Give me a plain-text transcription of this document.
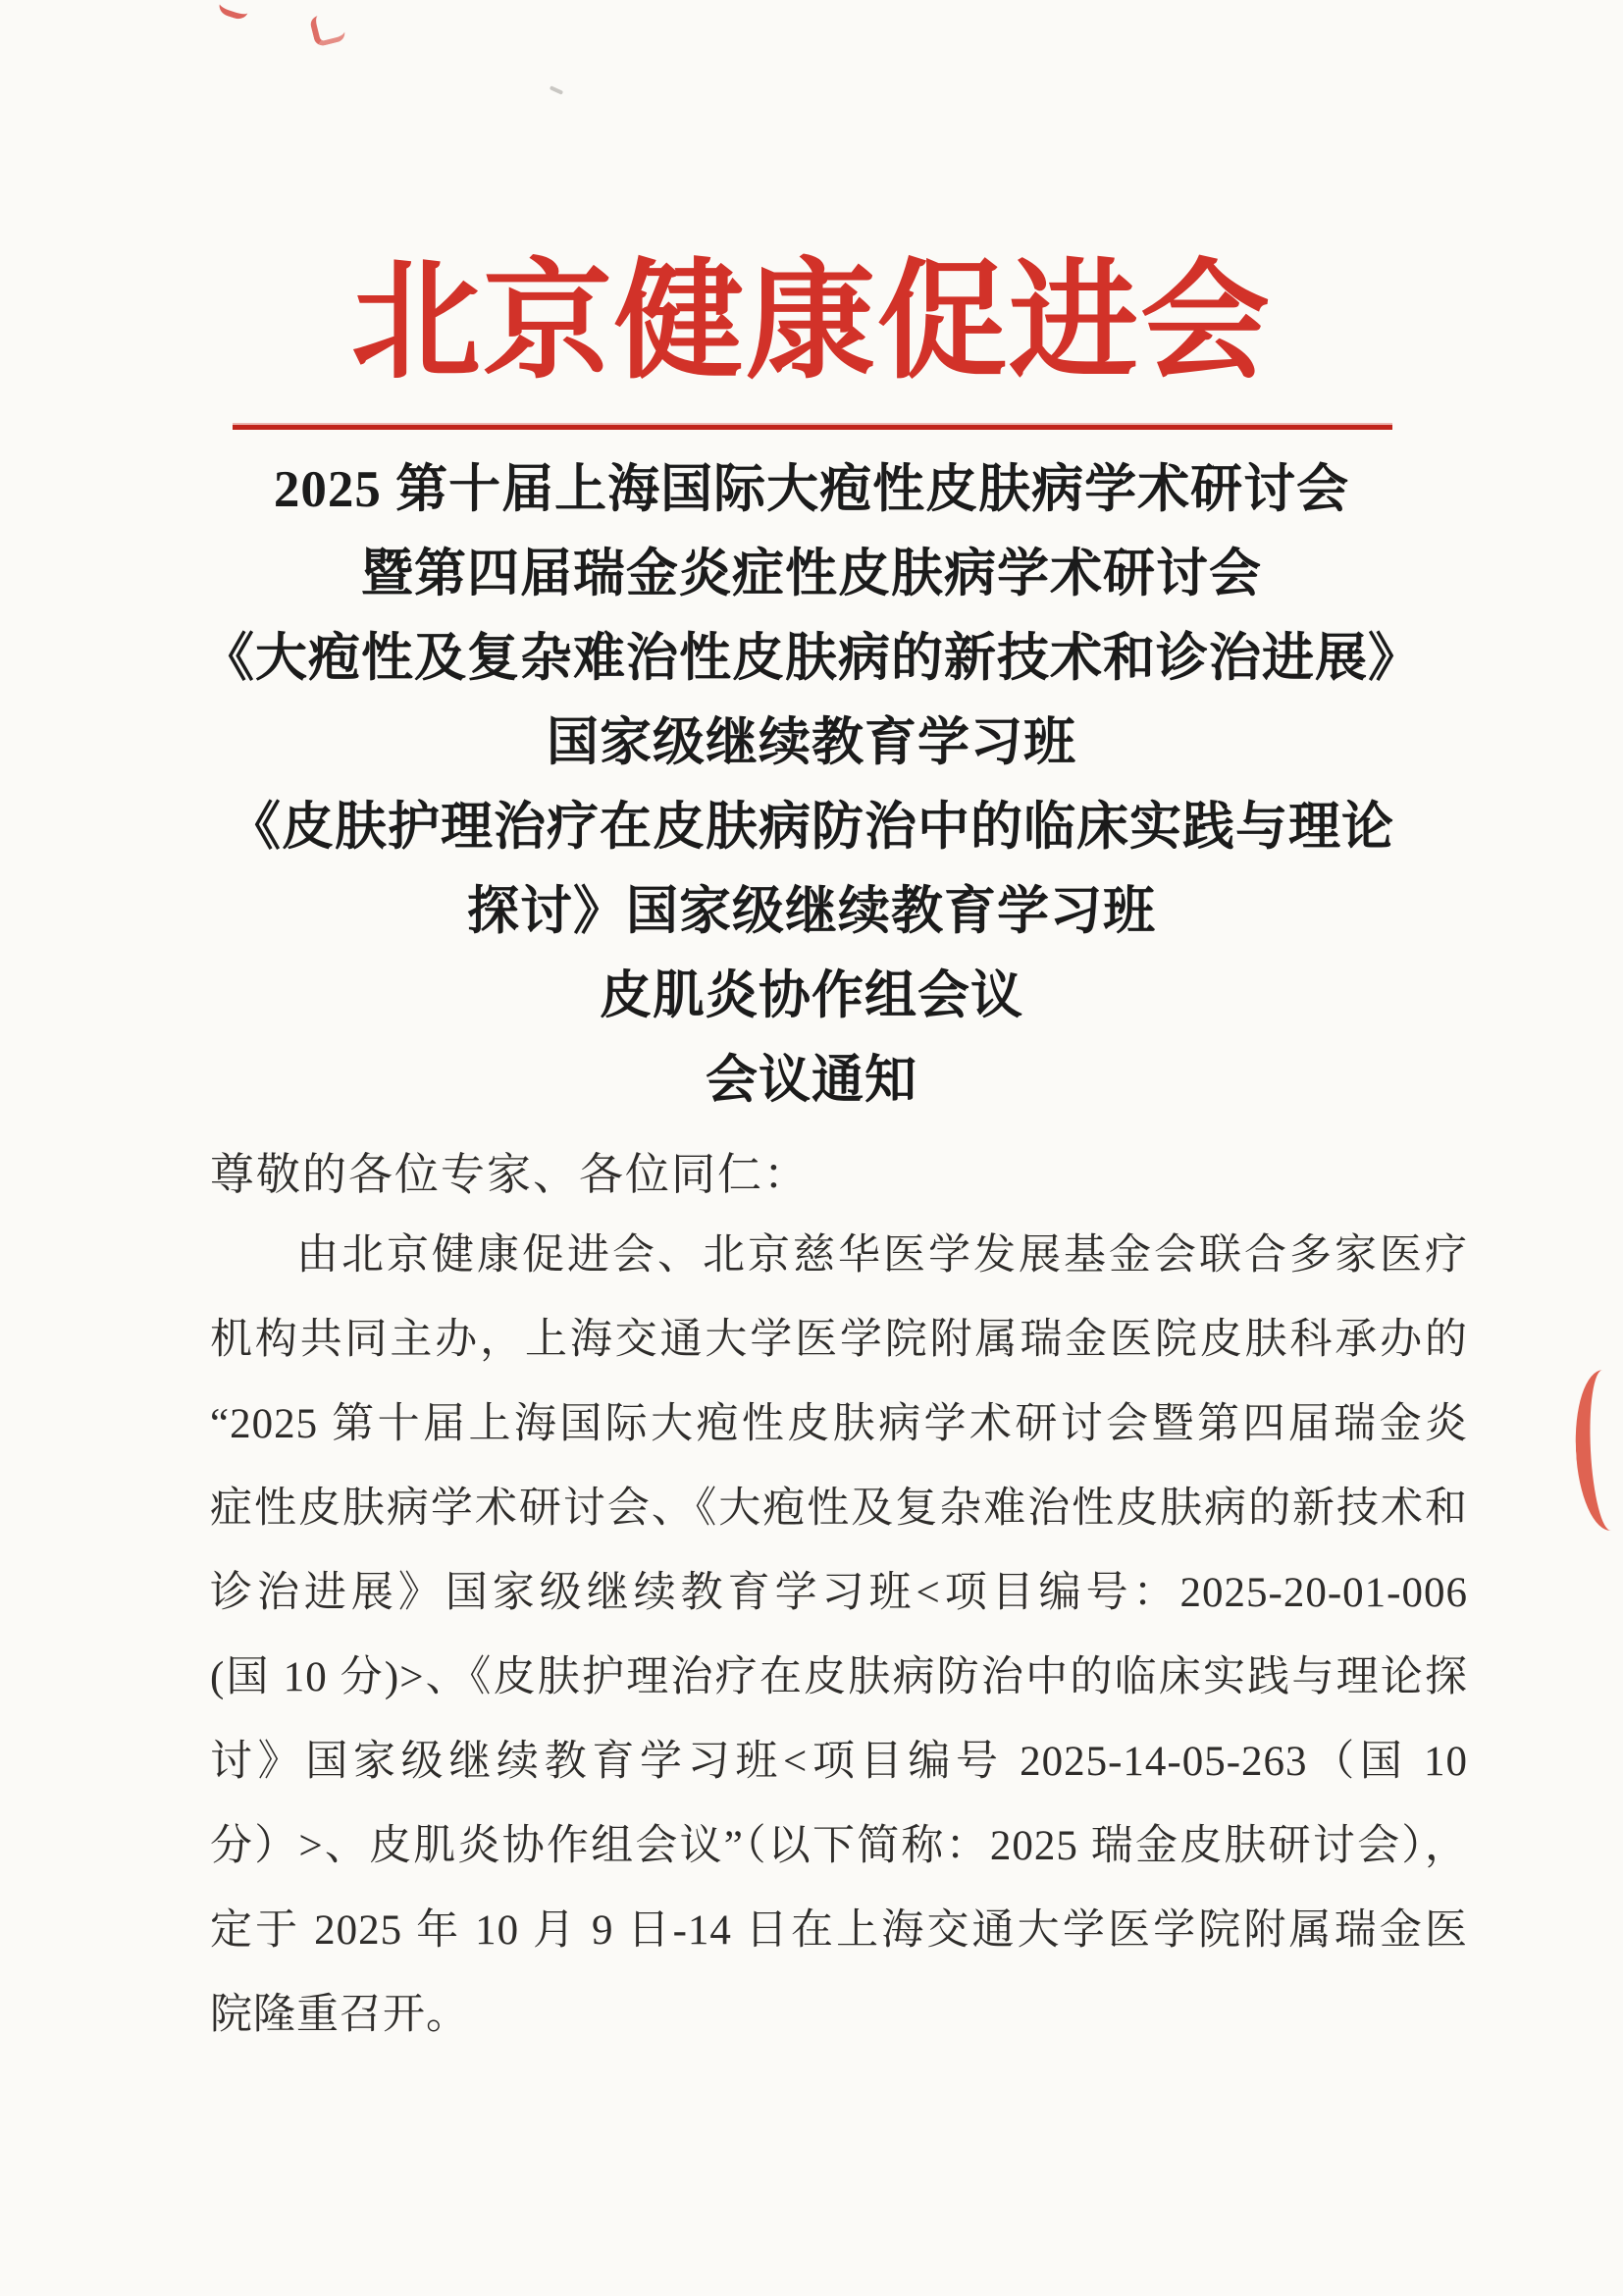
北京健康促进会
2025 第十届上海国际大疱性皮肤病学术研讨会
暨第四届瑞金炎症性皮肤病学术研讨会
《大疱性及复杂难治性皮肤病的新技术和诊治进展》
国家级继续教育学习班
《皮肤护理治疗在皮肤病防治中的临床实践与理论
探讨》国家级继续教育学习班
皮肌炎协作组会议
会议通知
尊敬的各位专家、各位同仁：
由北京健康促进会、北京慈华医学发展基金会联合多家医疗
机构共同主办，上海交通大学医学院附属瑞金医院皮肤科承办的
“2025 第十届上海国际大疱性皮肤病学术研讨会暨第四届瑞金炎
症性皮肤病学术研讨会、《大疱性及复杂难治性皮肤病的新技术和
诊治进展》国家级继续教育学习班<项目编号：2025-20-01-006
(国 10 分)>、《皮肤护理治疗在皮肤病防治中的临床实践与理论探
讨》国家级继续教育学习班<项目编号 2025-14-05-263（国 10
分）>、皮肌炎协作组会议”（以下简称：2025 瑞金皮肤研讨会），
定于 2025 年 10 月 9 日-14 日在上海交通大学医学院附属瑞金医
院隆重召开。
